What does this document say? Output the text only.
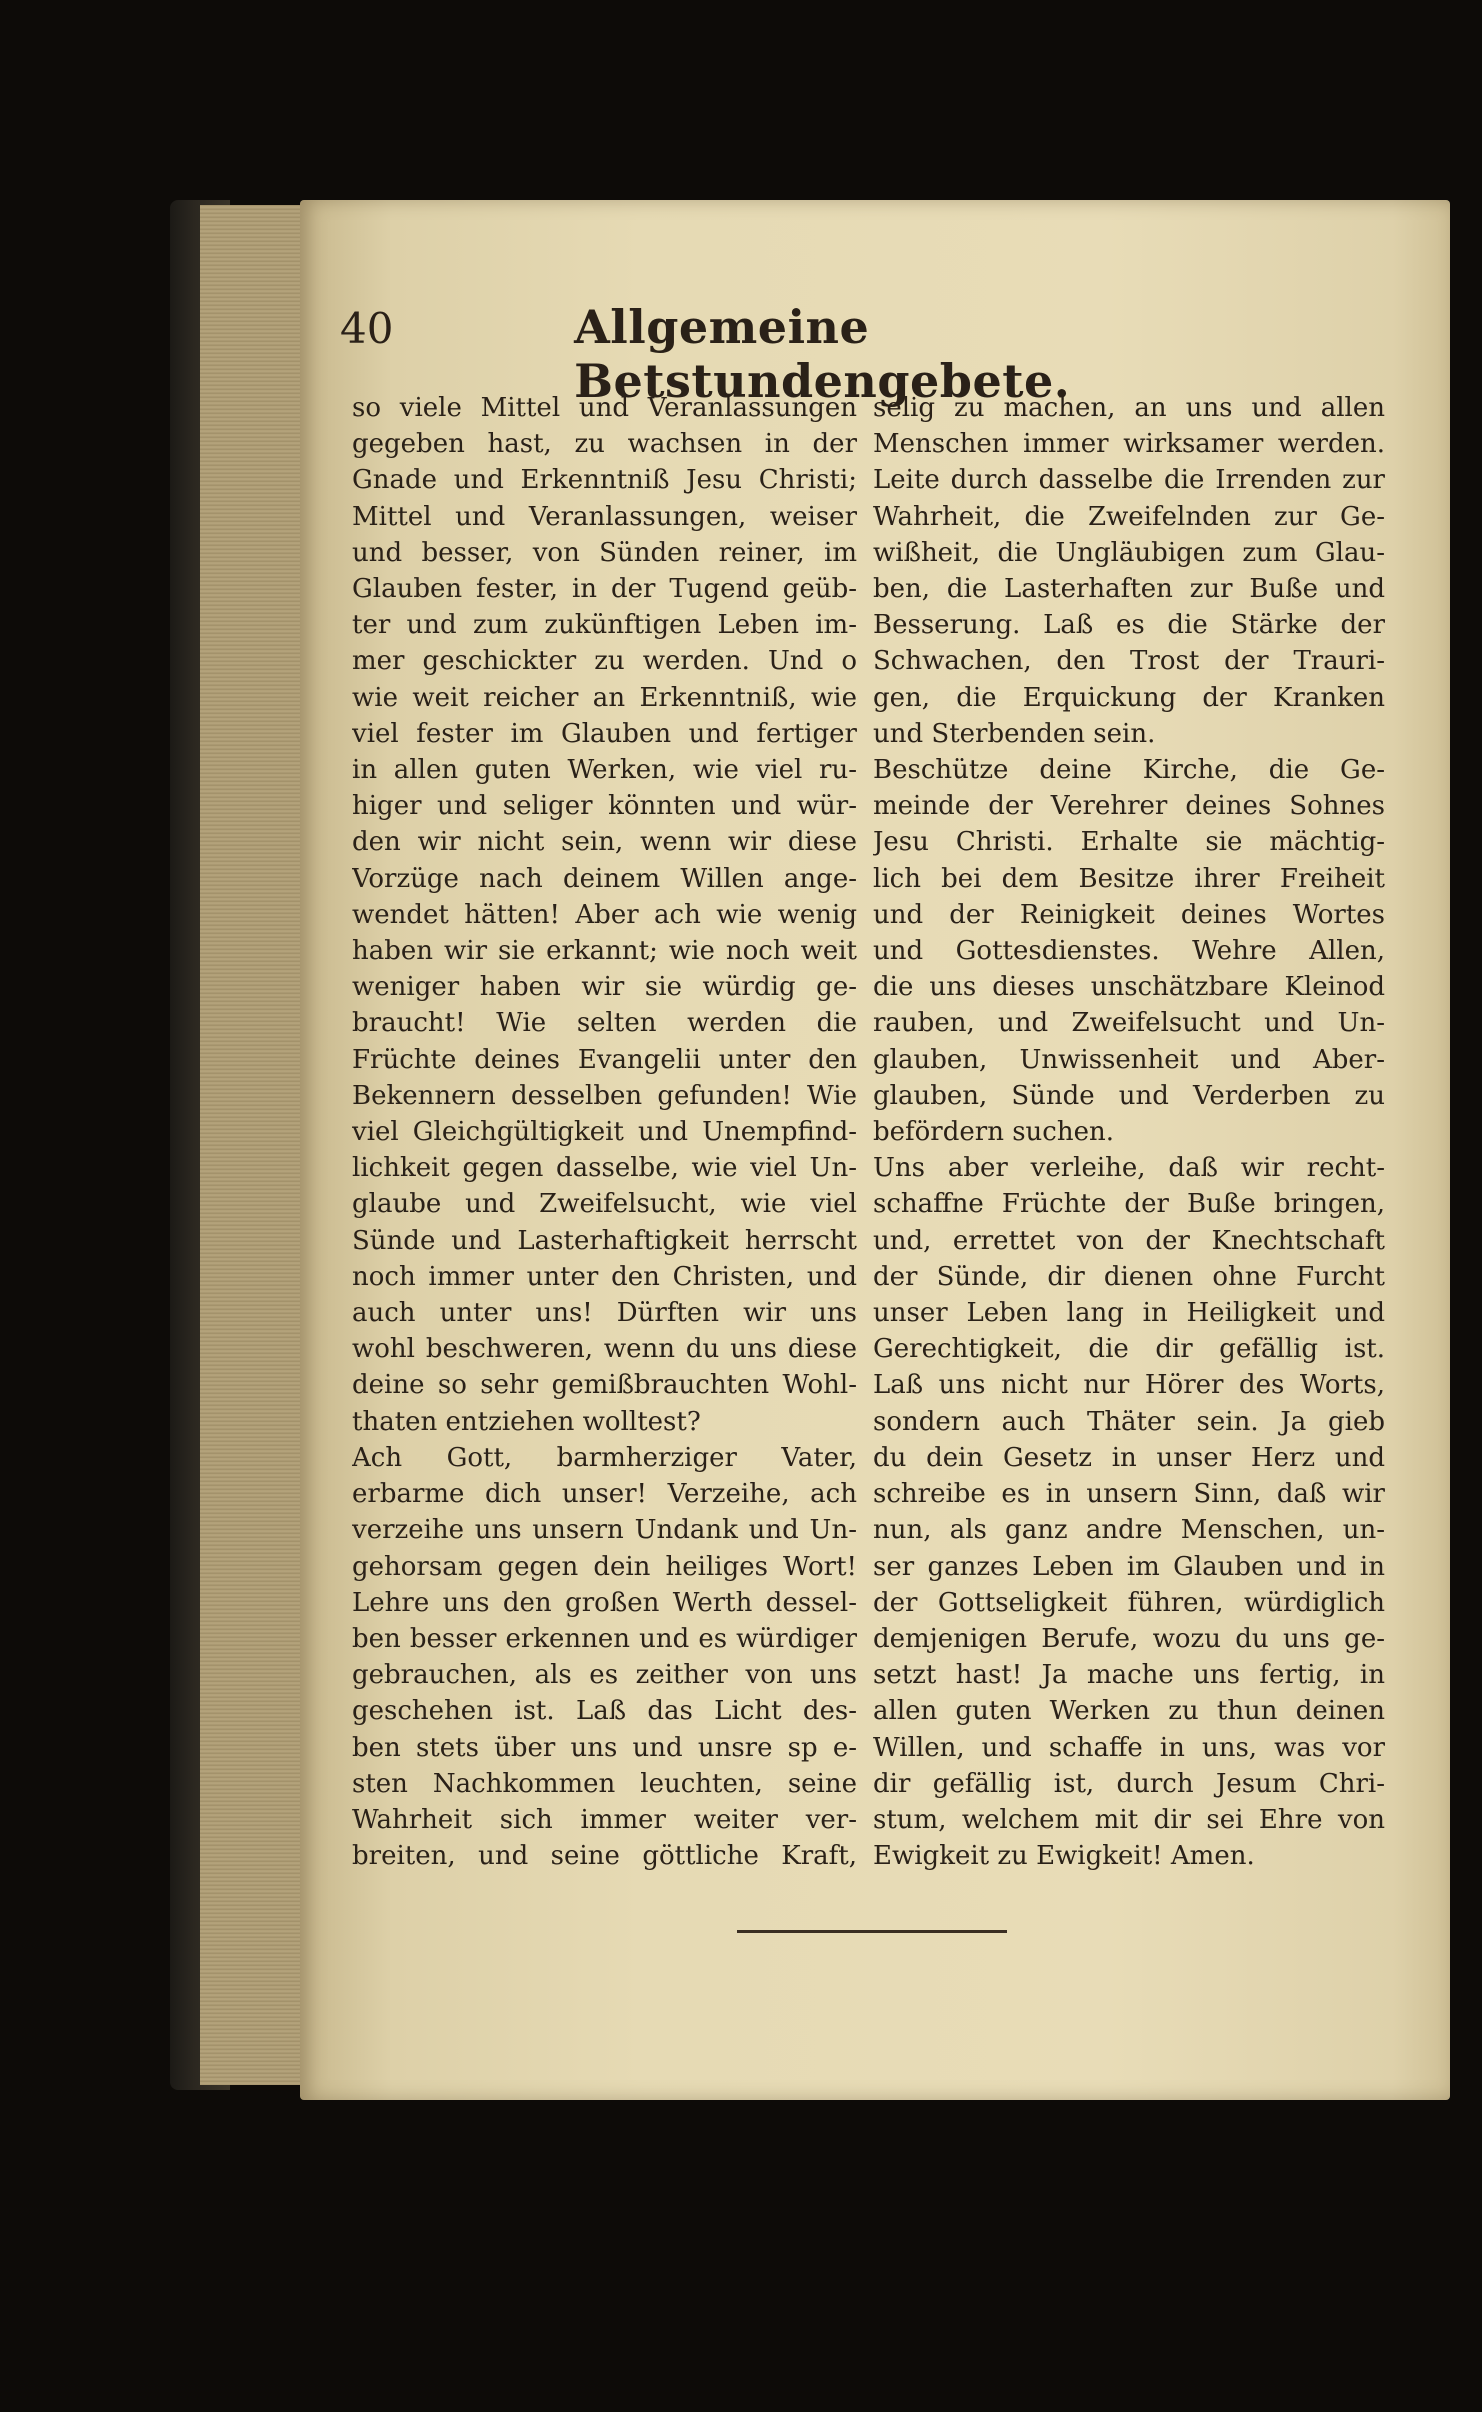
40	Allgemeine Betstundengebete.
so viele Mittel und Veranlassungen
gegeben hast, zu wachsen in der
Gnade und Erkenntniß Jesu Christi;
Mittel und Veranlassungen, weiser
und besser, von Sünden reiner, im
Glauben fester, in der Tugend geüb-
ter und zum zukünftigen Leben im-
mer geschickter zu werden. Und o
wie weit reicher an Erkenntniß, wie
viel fester im Glauben und fertiger
in allen guten Werken, wie viel ru-
higer und seliger könnten und wür-
den wir nicht sein, wenn wir diese
Vorzüge nach deinem Willen ange-
wendet hätten! Aber ach wie wenig
haben wir sie erkannt; wie noch weit
weniger haben wir sie würdig ge-
braucht! Wie selten werden die
Früchte deines Evangelii unter den
Bekennern desselben gefunden! Wie
viel Gleichgültigkeit und Unempfind-
lichkeit gegen dasselbe, wie viel Un-
glaube und Zweifelsucht, wie viel
Sünde und Lasterhaftigkeit herrscht
noch immer unter den Christen, und
auch unter uns! Dürften wir uns
wohl beschweren, wenn du uns diese
deine so sehr gemißbrauchten Wohl-
thaten entziehen wolltest?
Ach Gott, barmherziger Vater,
erbarme dich unser! Verzeihe, ach
verzeihe uns unsern Undank und Un-
gehorsam gegen dein heiliges Wort!
Lehre uns den großen Werth dessel-
ben besser erkennen und es würdiger
gebrauchen, als es zeither von uns
geschehen ist. Laß das Licht des-
ben stets über uns und unsre sp e-
sten Nachkommen leuchten, seine
Wahrheit sich immer weiter ver-
breiten, und seine göttliche Kraft,
selig zu machen, an uns und allen
Menschen immer wirksamer werden.
Leite durch dasselbe die Irrenden zur
Wahrheit, die Zweifelnden zur Ge-
wißheit, die Ungläubigen zum Glau-
ben, die Lasterhaften zur Buße und
Besserung. Laß es die Stärke der
Schwachen, den Trost der Trauri-
gen, die Erquickung der Kranken
und Sterbenden sein.
Beschütze deine Kirche, die Ge-
meinde der Verehrer deines Sohnes
Jesu Christi. Erhalte sie mächtig-
lich bei dem Besitze ihrer Freiheit
und der Reinigkeit deines Wortes
und Gottesdienstes. Wehre Allen,
die uns dieses unschätzbare Kleinod
rauben, und Zweifelsucht und Un-
glauben, Unwissenheit und Aber-
glauben, Sünde und Verderben zu
befördern suchen.
Uns aber verleihe, daß wir recht-
schaffne Früchte der Buße bringen,
und, errettet von der Knechtschaft
der Sünde, dir dienen ohne Furcht
unser Leben lang in Heiligkeit und
Gerechtigkeit, die dir gefällig ist.
Laß uns nicht nur Hörer des Worts,
sondern auch Thäter sein. Ja gieb
du dein Gesetz in unser Herz und
schreibe es in unsern Sinn, daß wir
nun, als ganz andre Menschen, un-
ser ganzes Leben im Glauben und in
der Gottseligkeit führen, würdiglich
demjenigen Berufe, wozu du uns ge-
setzt hast! Ja mache uns fertig, in
allen guten Werken zu thun deinen
Willen, und schaffe in uns, was vor
dir gefällig ist, durch Jesum Chri-
stum, welchem mit dir sei Ehre von
Ewigkeit zu Ewigkeit! Amen.
